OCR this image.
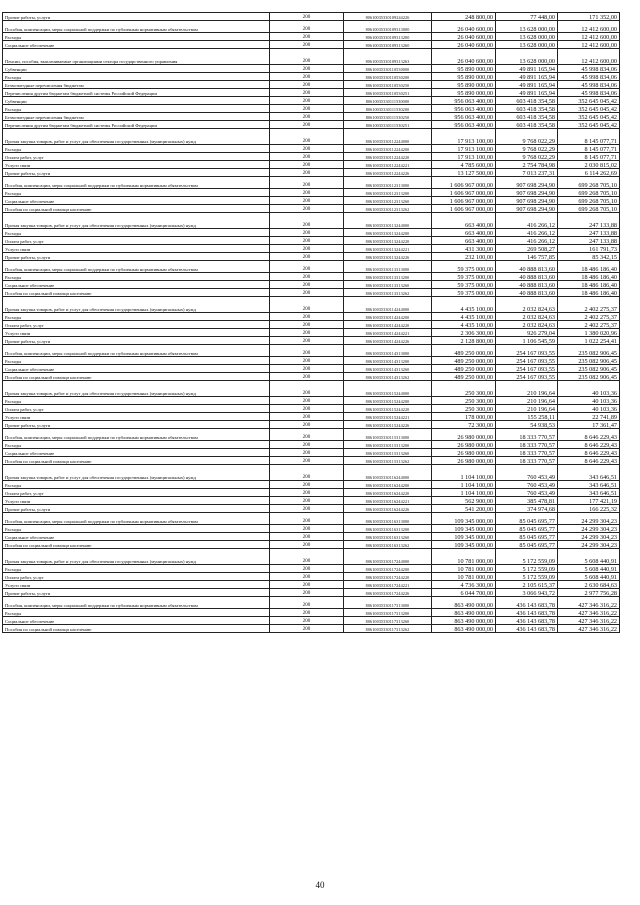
Прочие работы, услуги	200	80610035330109244226	248 800,00	77 448,00	171 352,00
Пособия, компенсации, меры социальной поддержки по публичным нормативным обязательствам	200	80610035330109313000	26 040 600,00	13 628 000,00	12 412 600,00
Расходы	200	80610035330109313200	26 040 600,00	13 628 000,00	12 412 600,00
Социальное обеспечение	200	80610035330109313260	26 040 600,00	13 628 000,00	12 412 600,00
Пенсии, пособия, выплачиваемые организациями сектора государственного управления	200	80610035330109313263	26 040 600,00	13 628 000,00	12 412 600,00
Субвенции	200	80610035330110530000	95 890 000,00	49 891 165,94	45 998 834,06
Расходы	200	80610035330110530200	95 890 000,00	49 891 165,94	45 998 834,06
Безвозмездные перечисления бюджетам	200	80610035330110530250	95 890 000,00	49 891 165,94	45 998 834,06
Перечисления другим бюджетам бюджетной системы Российской Федерации	200	80610035330110530251	95 890 000,00	49 891 165,94	45 998 834,06
Субвенции	200	80610035330111530000	956 063 400,00	603 418 354,58	352 645 045,42
Расходы	200	80610035330111530200	956 063 400,00	603 418 354,58	352 645 045,42
Безвозмездные перечисления бюджетам	200	80610035330111530250	956 063 400,00	603 418 354,58	352 645 045,42
Перечисления другим бюджетам бюджетной системы Российской Федерации	200	80610035330111530251	956 063 400,00	603 418 354,58	352 645 045,42
Прочая закупка товаров, работ и услуг для обеспечения государственных (муниципальных) нужд	200	80610035330112244000	17 913 100,00	9 768 022,29	8 145 077,71
Расходы	200	80610035330112244200	17 913 100,00	9 768 022,29	8 145 077,71
Оплата работ, услуг	200	80610035330112244220	17 913 100,00	9 768 022,29	8 145 077,71
Услуги связи	200	80610035330112244221	4 785 600,00	2 754 784,98	2 030 815,02
Прочие работы, услуги	200	80610035330112244226	13 127 500,00	7 013 237,31	6 114 262,69
Пособия, компенсации, меры социальной поддержки по публичным нормативным обязательствам	200	80610035330112313000	1 606 967 000,00	907 698 294,90	699 268 705,10
Расходы	200	80610035330112313200	1 606 967 000,00	907 698 294,90	699 268 705,10
Социальное обеспечение	200	80610035330112313260	1 606 967 000,00	907 698 294,90	699 268 705,10
Пособия по социальной помощи населению	200	80610035330112313262	1 606 967 000,00	907 698 294,90	699 268 705,10
Прочая закупка товаров, работ и услуг для обеспечения государственных (муниципальных) нужд	200	80610035330113244000	663 400,00	416 266,12	247 133,88
Расходы	200	80610035330113244200	663 400,00	416 266,12	247 133,88
Оплата работ, услуг	200	80610035330113244220	663 400,00	416 266,12	247 133,88
Услуги связи	200	80610035330113244221	431 300,00	269 508,27	161 791,73
Прочие работы, услуги	200	80610035330113244226	232 100,00	146 757,85	85 342,15
Пособия, компенсации, меры социальной поддержки по публичным нормативным обязательствам	200	80610035330113313000	59 375 000,00	40 888 813,60	18 486 186,40
Расходы	200	80610035330113313200	59 375 000,00	40 888 813,60	18 486 186,40
Социальное обеспечение	200	80610035330113313260	59 375 000,00	40 888 813,60	18 486 186,40
Пособия по социальной помощи населению	200	80610035330113313262	59 375 000,00	40 888 813,60	18 486 186,40
Прочая закупка товаров, работ и услуг для обеспечения государственных (муниципальных) нужд	200	80610035330114244000	4 435 100,00	2 032 824,63	2 402 275,37
Расходы	200	80610035330114244200	4 435 100,00	2 032 824,63	2 402 275,37
Оплата работ, услуг	200	80610035330114244220	4 435 100,00	2 032 824,63	2 402 275,37
Услуги связи	200	80610035330114244221	2 306 300,00	926 279,04	1 380 020,96
Прочие работы, услуги	200	80610035330114244226	2 128 800,00	1 106 545,59	1 022 254,41
Пособия, компенсации, меры социальной поддержки по публичным нормативным обязательствам	200	80610035330114313000	489 250 000,00	254 167 093,55	235 082 906,45
Расходы	200	80610035330114313200	489 250 000,00	254 167 093,55	235 082 906,45
Социальное обеспечение	200	80610035330114313260	489 250 000,00	254 167 093,55	235 082 906,45
Пособия по социальной помощи населению	200	80610035330114313262	489 250 000,00	254 167 093,55	235 082 906,45
Прочая закупка товаров, работ и услуг для обеспечения государственных (муниципальных) нужд	200	80610035330115244000	250 300,00	210 196,64	40 103,36
Расходы	200	80610035330115244200	250 300,00	210 196,64	40 103,36
Оплата работ, услуг	200	80610035330115244220	250 300,00	210 196,64	40 103,36
Услуги связи	200	80610035330115244221	178 000,00	155 258,11	22 741,89
Прочие работы, услуги	200	80610035330115244226	72 300,00	54 938,53	17 361,47
Пособия, компенсации, меры социальной поддержки по публичным нормативным обязательствам	200	80610035330115313000	26 980 000,00	18 333 770,57	8 646 229,43
Расходы	200	80610035330115313200	26 980 000,00	18 333 770,57	8 646 229,43
Социальное обеспечение	200	80610035330115313260	26 980 000,00	18 333 770,57	8 646 229,43
Пособия по социальной помощи населению	200	80610035330115313262	26 980 000,00	18 333 770,57	8 646 229,43
Прочая закупка товаров, работ и услуг для обеспечения государственных (муниципальных) нужд	200	80610035330116244000	1 104 100,00	760 453,49	343 646,51
Расходы	200	80610035330116244200	1 104 100,00	760 453,49	343 646,51
Оплата работ, услуг	200	80610035330116244220	1 104 100,00	760 453,49	343 646,51
Услуги связи	200	80610035330116244221	562 900,00	385 478,81	177 421,19
Прочие работы, услуги	200	80610035330116244226	541 200,00	374 974,68	166 225,32
Пособия, компенсации, меры социальной поддержки по публичным нормативным обязательствам	200	80610035330116313000	109 345 000,00	85 045 695,77	24 299 304,23
Расходы	200	80610035330116313200	109 345 000,00	85 045 695,77	24 299 304,23
Социальное обеспечение	200	80610035330116313260	109 345 000,00	85 045 695,77	24 299 304,23
Пособия по социальной помощи населению	200	80610035330116313262	109 345 000,00	85 045 695,77	24 299 304,23
Прочая закупка товаров, работ и услуг для обеспечения государственных (муниципальных) нужд	200	80610035330117244000	10 781 000,00	5 172 559,09	5 608 440,91
Расходы	200	80610035330117244200	10 781 000,00	5 172 559,09	5 608 440,91
Оплата работ, услуг	200	80610035330117244220	10 781 000,00	5 172 559,09	5 608 440,91
Услуги связи	200	80610035330117244221	4 736 300,00	2 105 615,37	2 630 684,63
Прочие работы, услуги	200	80610035330117244226	6 044 700,00	3 066 943,72	2 977 756,28
Пособия, компенсации, меры социальной поддержки по публичным нормативным обязательствам	200	80610035330117313000	863 490 000,00	436 143 683,78	427 346 316,22
Расходы	200	80610035330117313200	863 490 000,00	436 143 683,78	427 346 316,22
Социальное обеспечение	200	80610035330117313260	863 490 000,00	436 143 683,78	427 346 316,22
Пособия по социальной помощи населению	200	80610035330117313262	863 490 000,00	436 143 683,78	427 346 316,22
40
